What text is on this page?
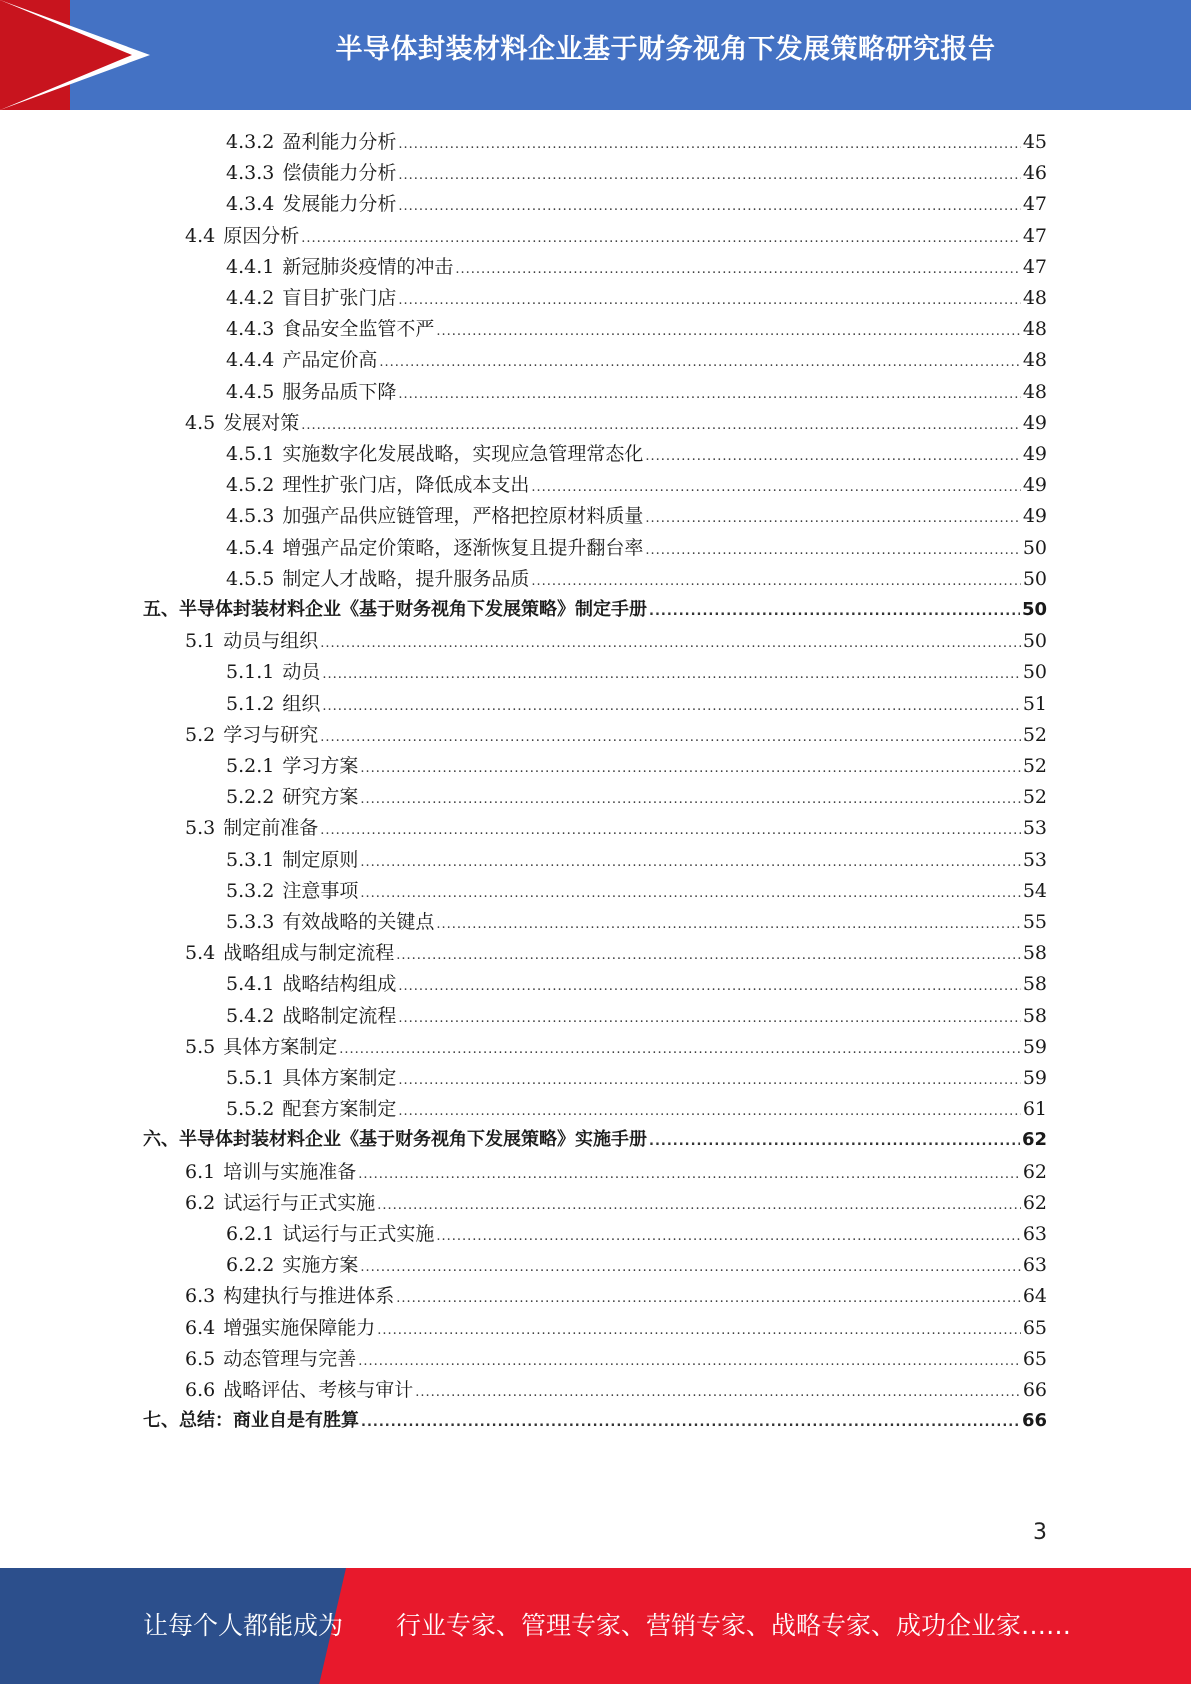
半导体封装材料企业基于财务视角下发展策略研究报告
4.3.2 盈利能力分析 .....	45
4.3.3 偿债能力分析 .....	46
4.3.4 发展能力分析 .....	47
4.4 原因分析 .....	47
4.4.1 新冠肺炎疫情的冲击 .....	47
4.4.2 盲目扩张门店 .....	48
4.4.3 食品安全监管不严 .....	48
4.4.4 产品定价高 .....	48
4.4.5 服务品质下降 .....	48
4.5 发展对策 .....	49
4.5.1 实施数字化发展战略，实现应急管理常态化 .....	49
4.5.2 理性扩张门店，降低成本支出 .....	49
4.5.3 加强产品供应链管理，严格把控原材料质量 .....	49
4.5.4 增强产品定价策略，逐渐恢复且提升翻台率 .....	50
4.5.5 制定人才战略，提升服务品质 .....	50
五、半导体封装材料企业《基于财务视角下发展策略》制定手册 .....	50
5.1 动员与组织 .....	50
5.1.1 动员 .....	50
5.1.2 组织 .....	51
5.2 学习与研究 .....	52
5.2.1 学习方案 .....	52
5.2.2 研究方案 .....	52
5.3 制定前准备 .....	53
5.3.1 制定原则 .....	53
5.3.2 注意事项 .....	54
5.3.3 有效战略的关键点 .....	55
5.4 战略组成与制定流程 .....	58
5.4.1 战略结构组成 .....	58
5.4.2 战略制定流程 .....	58
5.5 具体方案制定 .....	59
5.5.1 具体方案制定 .....	59
5.5.2 配套方案制定 .....	61
六、半导体封装材料企业《基于财务视角下发展策略》实施手册 .....	62
6.1 培训与实施准备 .....	62
6.2 试运行与正式实施 .....	62
6.2.1 试运行与正式实施 .....	63
6.2.2 实施方案 .....	63
6.3 构建执行与推进体系 .....	64
6.4 增强实施保障能力 .....	65
6.5 动态管理与完善 .....	65
6.6 战略评估、考核与审计 .....	66
七、总结：商业自是有胜算 .....	66
3
让每个人都能成为 行业专家、管理专家、营销专家、战略专家、成功企业家……
